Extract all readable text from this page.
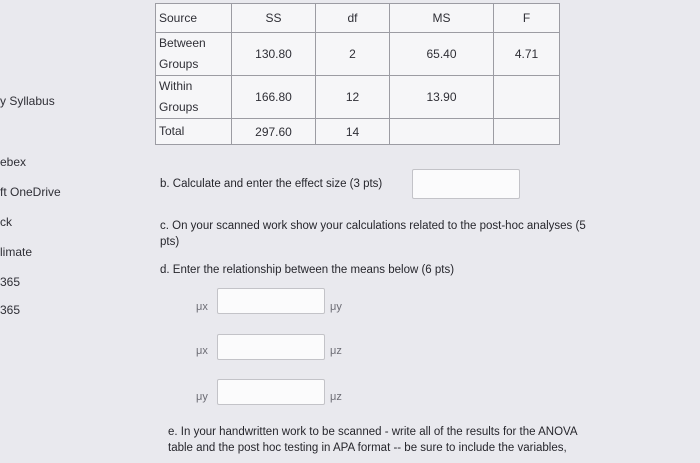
y Syllabus
ebex
ft OneDrive
ck
limate
365
365
Source	SS	df	MS	F
Between
Groups	130.80	2	65.40	4.71
Within
Groups	166.80	12	13.90	
Total	297.60	14		
b. Calculate and enter the effect size (3 pts)
c. On your scanned work show your calculations related to the post-hoc analyses (5
pts)
d. Enter the relationship between the means below (6 pts)
μx	μy
μx	μz
μy	μz
e. In your handwritten work to be scanned - write all of the results for the ANOVA
table and the post hoc testing in APA format -- be sure to include the variables,
